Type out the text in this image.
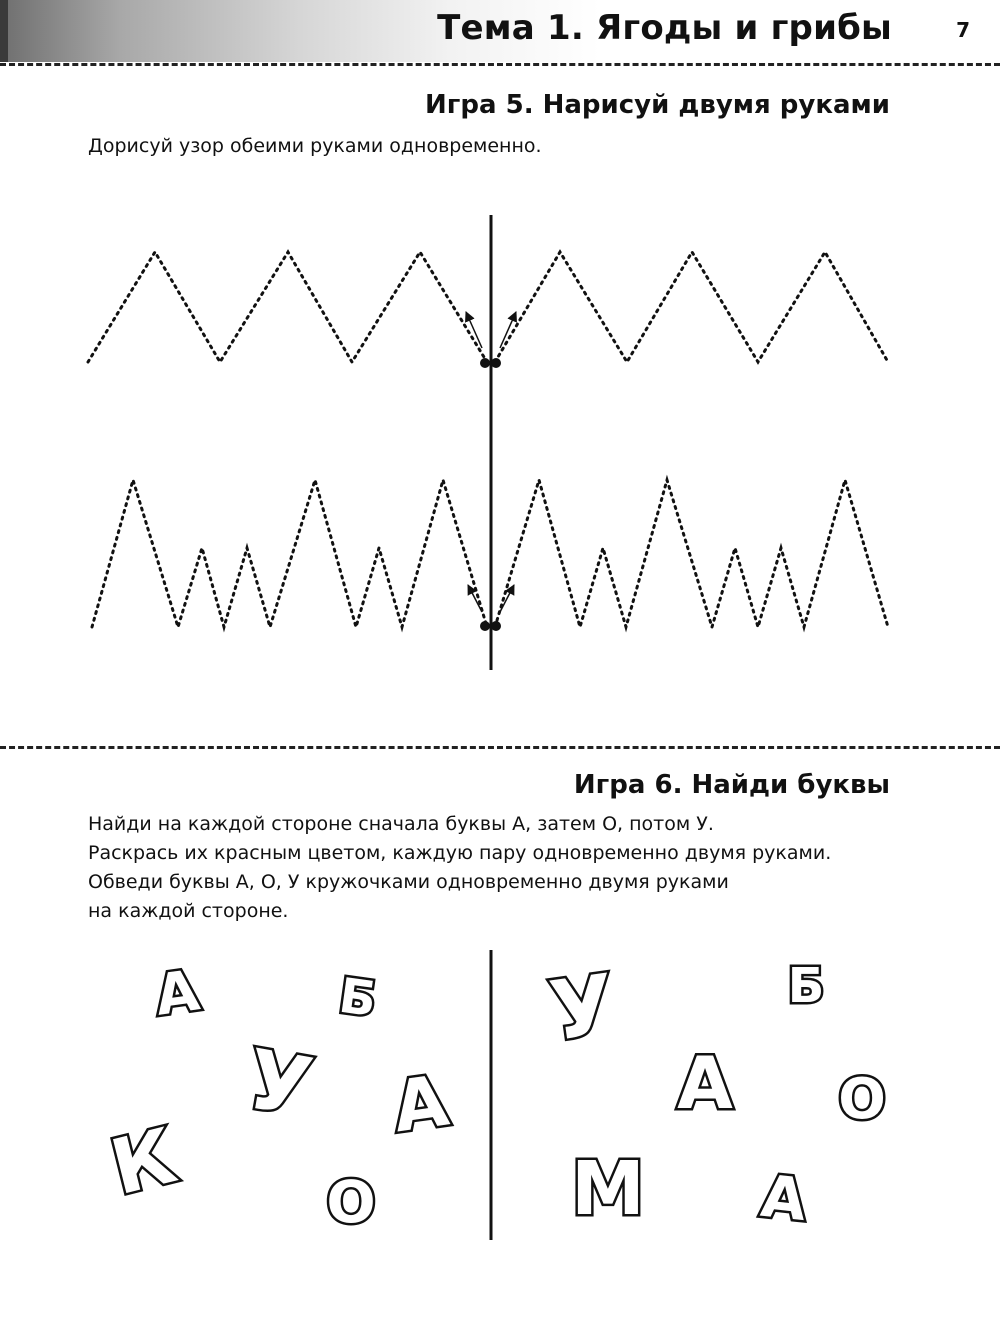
Тема 1. Ягоды и грибы	7
Игра 5. Нарисуй двумя руками
Дорисуй узор обеими руками одновременно.
А	Б
У А
К О
У	Б
А О
М А
Игра 6. Найди буквы
Найди на каждой стороне сначала буквы А, затем О, потом У.
Раскрась их красным цветом, каждую пару одновременно двумя руками.
Обведи буквы А, О, У кружочками одновременно двумя руками
на каждой стороне.
